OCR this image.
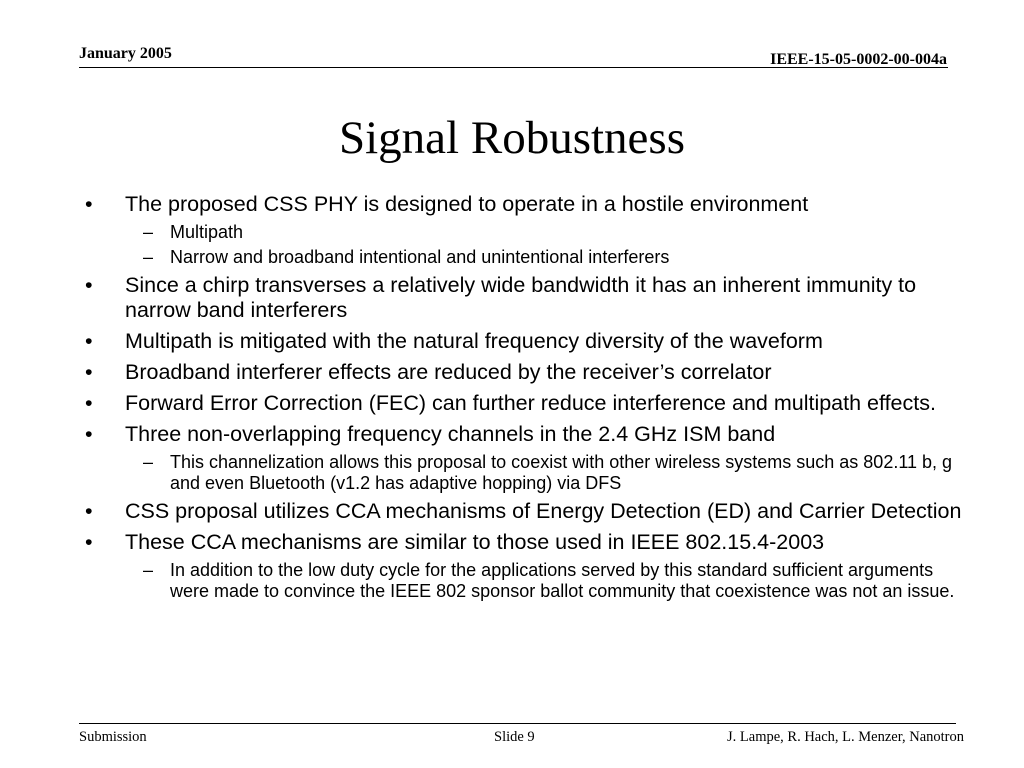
January 2005	IEEE-15-05-0002-00-004a
Signal Robustness
• The proposed CSS PHY is designed to operate in a hostile environment
– Multipath
– Narrow and broadband intentional and unintentional interferers
• Since a chirp transverses a relatively wide bandwidth it has an inherent immunity to narrow band interferers
• Multipath is mitigated with the natural frequency diversity of the waveform
• Broadband interferer effects are reduced by the receiver’s correlator
• Forward Error Correction (FEC) can further reduce interference and multipath effects.
• Three non-overlapping frequency channels in the 2.4 GHz ISM band
– This channelization allows this proposal to coexist with other wireless systems such as 802.11 b, g and even Bluetooth (v1.2 has adaptive hopping) via DFS
• CSS proposal utilizes CCA mechanisms of Energy Detection (ED) and Carrier Detection
• These CCA mechanisms are similar to those used in IEEE 802.15.4-2003
– In addition to the low duty cycle for the applications served by this standard sufficient arguments were made to convince the IEEE 802 sponsor ballot community that coexistence was not an issue.
Submission	Slide 9	J. Lampe, R. Hach, L. Menzer, Nanotron
